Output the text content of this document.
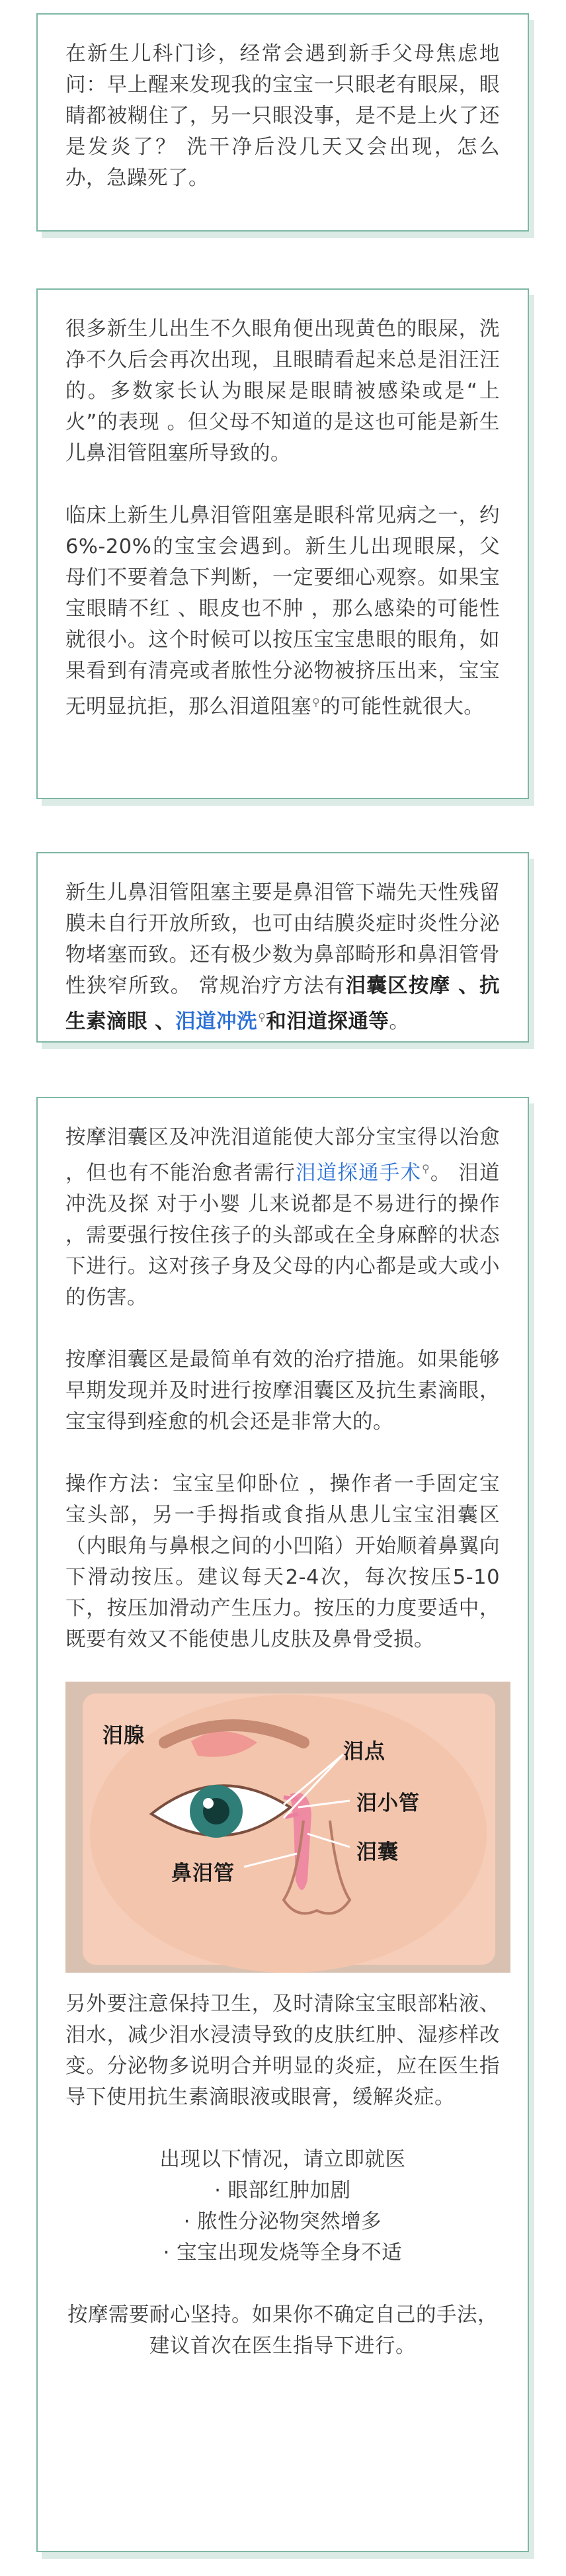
在新生儿科门诊，经常会遇到新手父母焦虑地问：早上醒来发现我的宝宝一只眼老有眼屎，眼睛都被糊住了，另一只眼没事，是不是上火了还是发炎了？ 洗干净后没几天又会出现，怎么办，急躁死了。

很多新生儿出生不久眼角便出现黄色的眼屎，洗净不久后会再次出现，且眼睛看起来总是泪汪汪的。多数家长认为眼屎是眼睛被感染或是“上火”的表现 。但父母不知道的是这也可能是新生儿鼻泪管阻塞所导致的。

临床上新生儿鼻泪管阻塞是眼科常见病之一，约6%-20%的宝宝会遇到。新生儿出现眼屎，父母们不要着急下判断，一定要细心观察。如果宝宝眼睛不红 、眼皮也不肿 ，那么感染的可能性就很小。这个时候可以按压宝宝患眼的眼角，如果看到有清亮或者脓性分泌物被挤压出来，宝宝无明显抗拒，那么泪道阻塞⚲的可能性就很大。

新生儿鼻泪管阻塞主要是鼻泪管下端先天性残留膜未自行开放所致，也可由结膜炎症时炎性分泌物堵塞而致。还有极少数为鼻部畸形和鼻泪管骨性狭窄所致。 常规治疗方法有泪囊区按摩 、抗生素滴眼 、泪道冲洗⚲和泪道探通等。

按摩泪囊区及冲洗泪道能使大部分宝宝得以治愈 ，但也有不能治愈者需行泪道探通手术⚲。 泪道冲洗及探 对于小婴 儿来说都是不易进行的操作 ，需要强行按住孩子的头部或在全身麻醉的状态下进行。这对孩子身及父母的内心都是或大或小的伤害。

按摩泪囊区是最简单有效的治疗措施。如果能够早期发现并及时进行按摩泪囊区及抗生素滴眼，宝宝得到痊愈的机会还是非常大的。

操作方法：宝宝呈仰卧位 ，操作者一手固定宝宝头部，另一手拇指或食指从患儿宝宝泪囊区（内眼角与鼻根之间的小凹陷）开始顺着鼻翼向下滑动按压。建议每天2-4次，每次按压5-10下，按压加滑动产生压力。按压的力度要适中，既要有效又不能使患儿皮肤及鼻骨受损。

泪腺
泪点
泪小管
泪囊
鼻泪管

另外要注意保持卫生，及时清除宝宝眼部粘液、泪水，减少泪水浸渍导致的皮肤红肿、湿疹样改变。分泌物多说明合并明显的炎症，应在医生指导下使用抗生素滴眼液或眼膏，缓解炎症。

出现以下情况，请立即就医

· 眼部红肿加剧

· 脓性分泌物突然增多

· 宝宝出现发烧等全身不适

按摩需要耐心坚持。如果你不确定自己的手法，建议首次在医生指导下进行。
